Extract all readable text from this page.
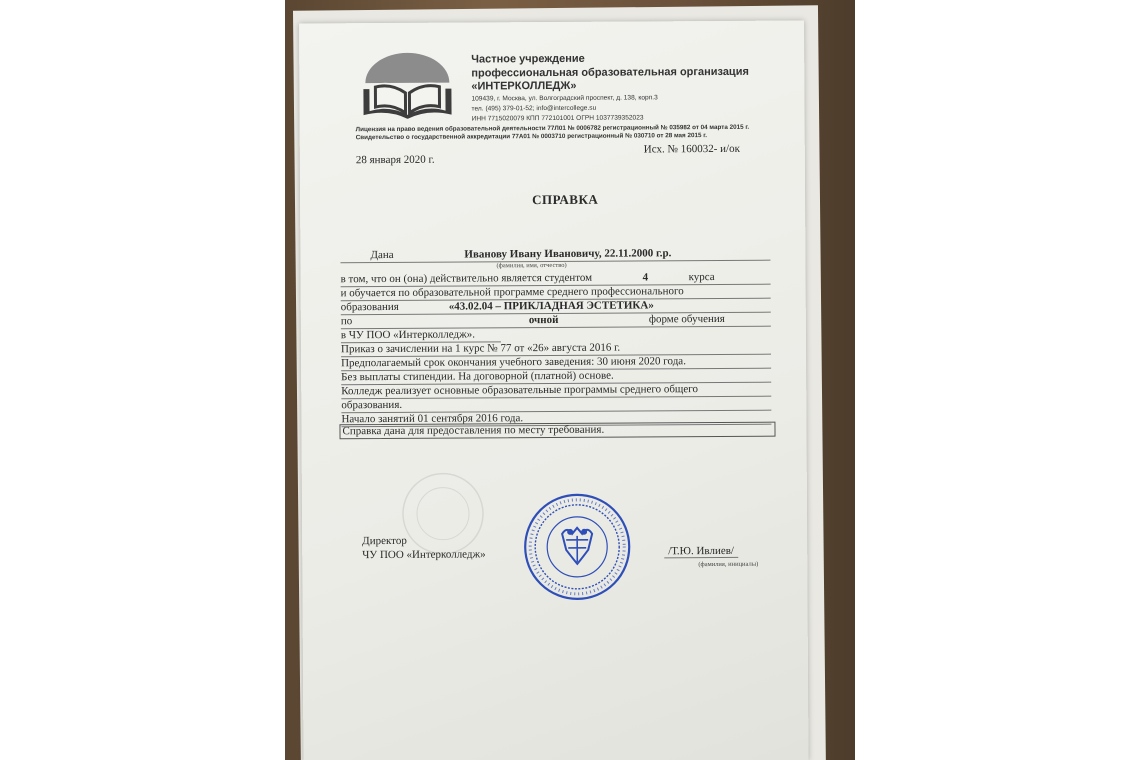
Частное учреждение
профессиональная образовательная организация
«ИНТЕРКОЛЛЕДЖ»
109439, г. Москва, ул. Волгоградский проспект, д. 138, корп.3
тел. (495) 379-01-52; info@intercollege.su
ИНН 7715020079 КПП 772101001 ОГРН 1037739352023
Лицензия на право ведения образовательной деятельности 77Л01 № 0006782 регистрационный № 035982 от 04 марта 2015 г.
Свидетельство о государственной аккредитации 77А01 № 0003710 регистрационный № 030710 от 28 мая 2015 г.
28 января 2020 г.
Исх. № 160032- и/ок
СПРАВКА
Дана	Иванову Ивану Ивановичу, 22.11.2000 г.р.
(фамилия, имя, отчество)
в том, что он (она) действительно является студентом	4	курса
и обучается по образовательной программе среднего профессионального
образования	«43.02.04 – ПРИКЛАДНАЯ ЭСТЕТИКА»
по	очной	форме обучения
в ЧУ ПОО «Интерколледж».
Приказ о зачислении на 1 курс № 77 от «26» августа 2016 г.
Предполагаемый срок окончания учебного заведения: 30 июня 2020 года.
Без выплаты стипендии. На договорной (платной) основе.
Колледж реализует основные образовательные программы среднего общего
образования.
Начало занятий 01 сентября 2016 года.
Справка дана для предоставления по месту требования.
Директор
ЧУ ПОО «Интерколледж»	/Т.Ю. Ивлиев/
(фамилия, инициалы)
